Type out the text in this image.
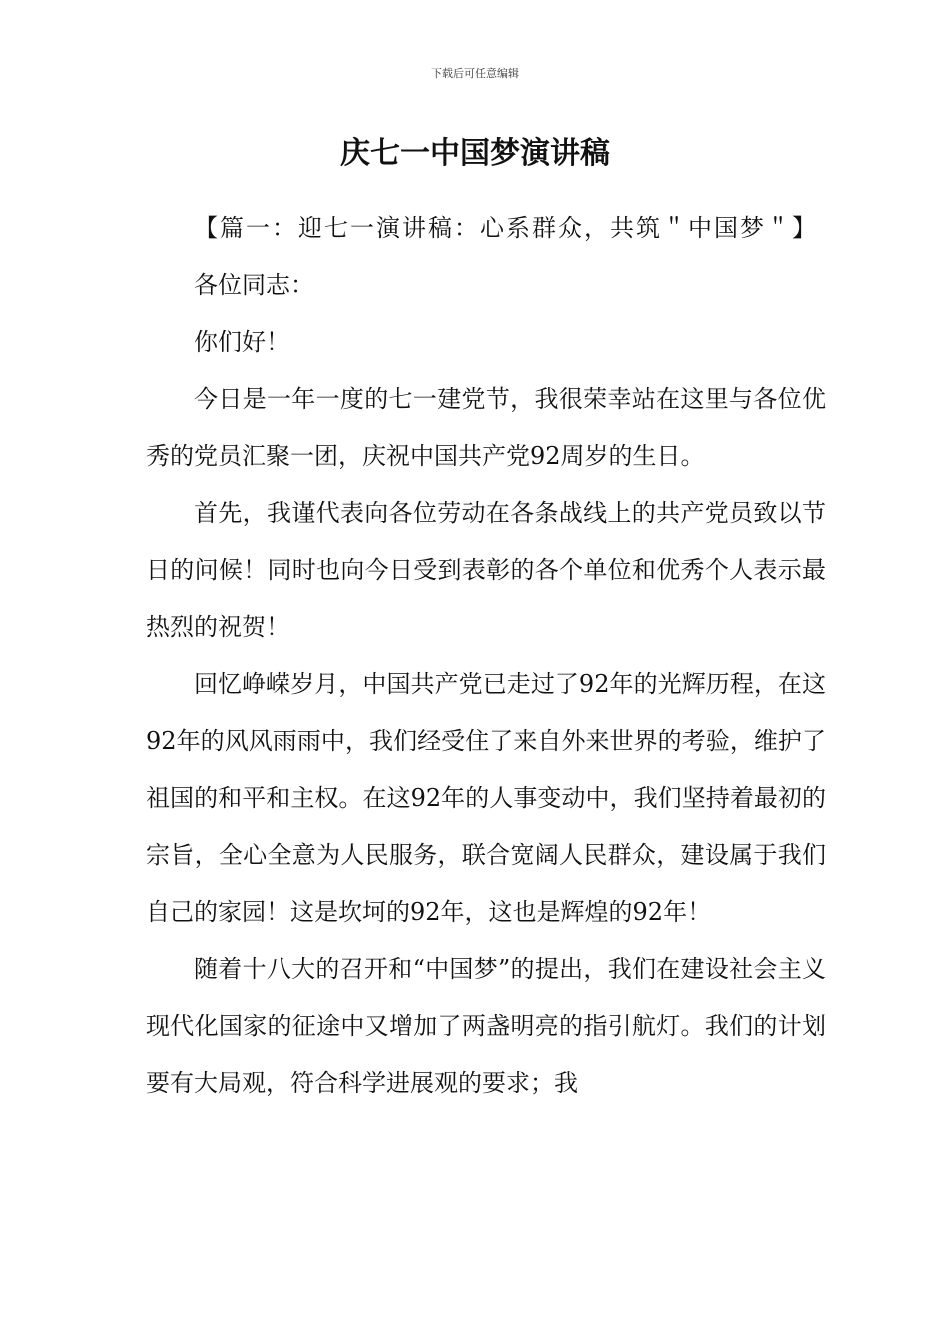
下载后可任意编辑
庆七一中国梦演讲稿

【篇一：迎七一演讲稿：心系群众，共筑＂中国梦＂】

各位同志：

你们好！

今日是一年一度的七一建党节，我很荣幸站在这里与各位优秀的党员汇聚一团，庆祝中国共产党92周岁的生日。

首先，我谨代表向各位劳动在各条战线上的共产党员致以节日的问候！同时也向今日受到表彰的各个单位和优秀个人表示最热烈的祝贺！

回忆峥嵘岁月，中国共产党已走过了92年的光辉历程，在这92年的风风雨雨中，我们经受住了来自外来世界的考验，维护了祖国的和平和主权。在这92年的人事变动中，我们坚持着最初的宗旨，全心全意为人民服务，联合宽阔人民群众，建设属于我们自己的家园！这是坎坷的92年，这也是辉煌的92年！

随着十八大的召开和“中国梦”的提出，我们在建设社会主义现代化国家的征途中又增加了两盏明亮的指引航灯。我们的计划要有大局观，符合科学进展观的要求；我
